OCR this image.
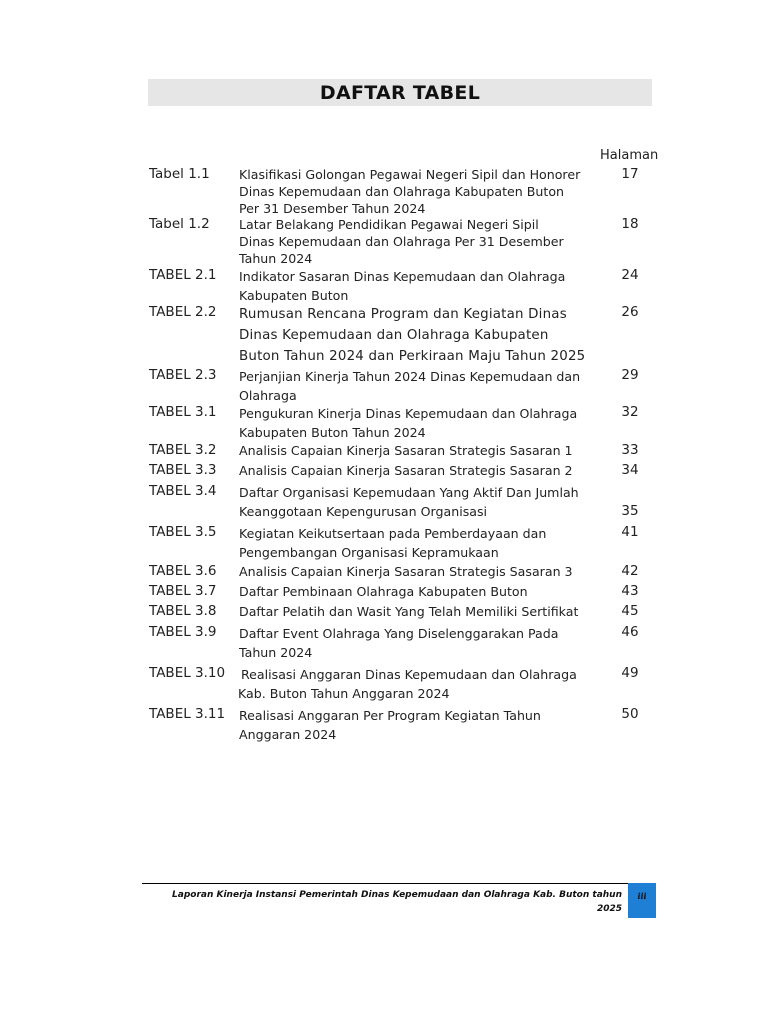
DAFTAR TABEL
Halaman
Tabel 1.1 Klasifikasi Golongan Pegawai Negeri Sipil dan Honorer
Dinas Kepemudaan dan Olahraga Kabupaten Buton
Per 31 Desember Tahun 2024
17
Tabel 1.2 Latar Belakang Pendidikan Pegawai Negeri Sipil
Dinas Kepemudaan dan Olahraga Per 31 Desember
Tahun 2024
18
TABEL 2.1 Indikator Sasaran Dinas Kepemudaan dan Olahraga
Kabupaten Buton
24
TABEL 2.2 Rumusan Rencana Program dan Kegiatan Dinas
Dinas Kepemudaan dan Olahraga Kabupaten
Buton Tahun 2024 dan Perkiraan Maju Tahun 2025
26
TABEL 2.3 Perjanjian Kinerja Tahun 2024 Dinas Kepemudaan dan
Olahraga
29
TABEL 3.1 Pengukuran Kinerja Dinas Kepemudaan dan Olahraga
Kabupaten Buton Tahun 2024
32
TABEL 3.2 Analisis Capaian Kinerja Sasaran Strategis Sasaran 1	33
TABEL 3.3 Analisis Capaian Kinerja Sasaran Strategis Sasaran 2	34
TABEL 3.4 Daftar Organisasi Kepemudaan Yang Aktif Dan Jumlah
Keanggotaan Kepengurusan Organisasi	35
TABEL 3.5 Kegiatan Keikutsertaan pada Pemberdayaan dan
Pengembangan Organisasi Kepramukaan
41
TABEL 3.6 Analisis Capaian Kinerja Sasaran Strategis Sasaran 3	42
TABEL 3.7 Daftar Pembinaan Olahraga Kabupaten Buton	43
TABEL 3.8 Daftar Pelatih dan Wasit Yang Telah Memiliki Sertifikat	45
TABEL 3.9 Daftar Event Olahraga Yang Diselenggarakan Pada
Tahun 2024
46
TABEL 3.10 Realisasi Anggaran Dinas Kepemudaan dan Olahraga
Kab. Buton Tahun Anggaran 2024
49
TABEL 3.11 Realisasi Anggaran Per Program Kegiatan Tahun
Anggaran 2024
50
Laporan Kinerja Instansi Pemerintah Dinas Kepemudaan dan Olahraga Kab. Buton tahun
2025
iii
